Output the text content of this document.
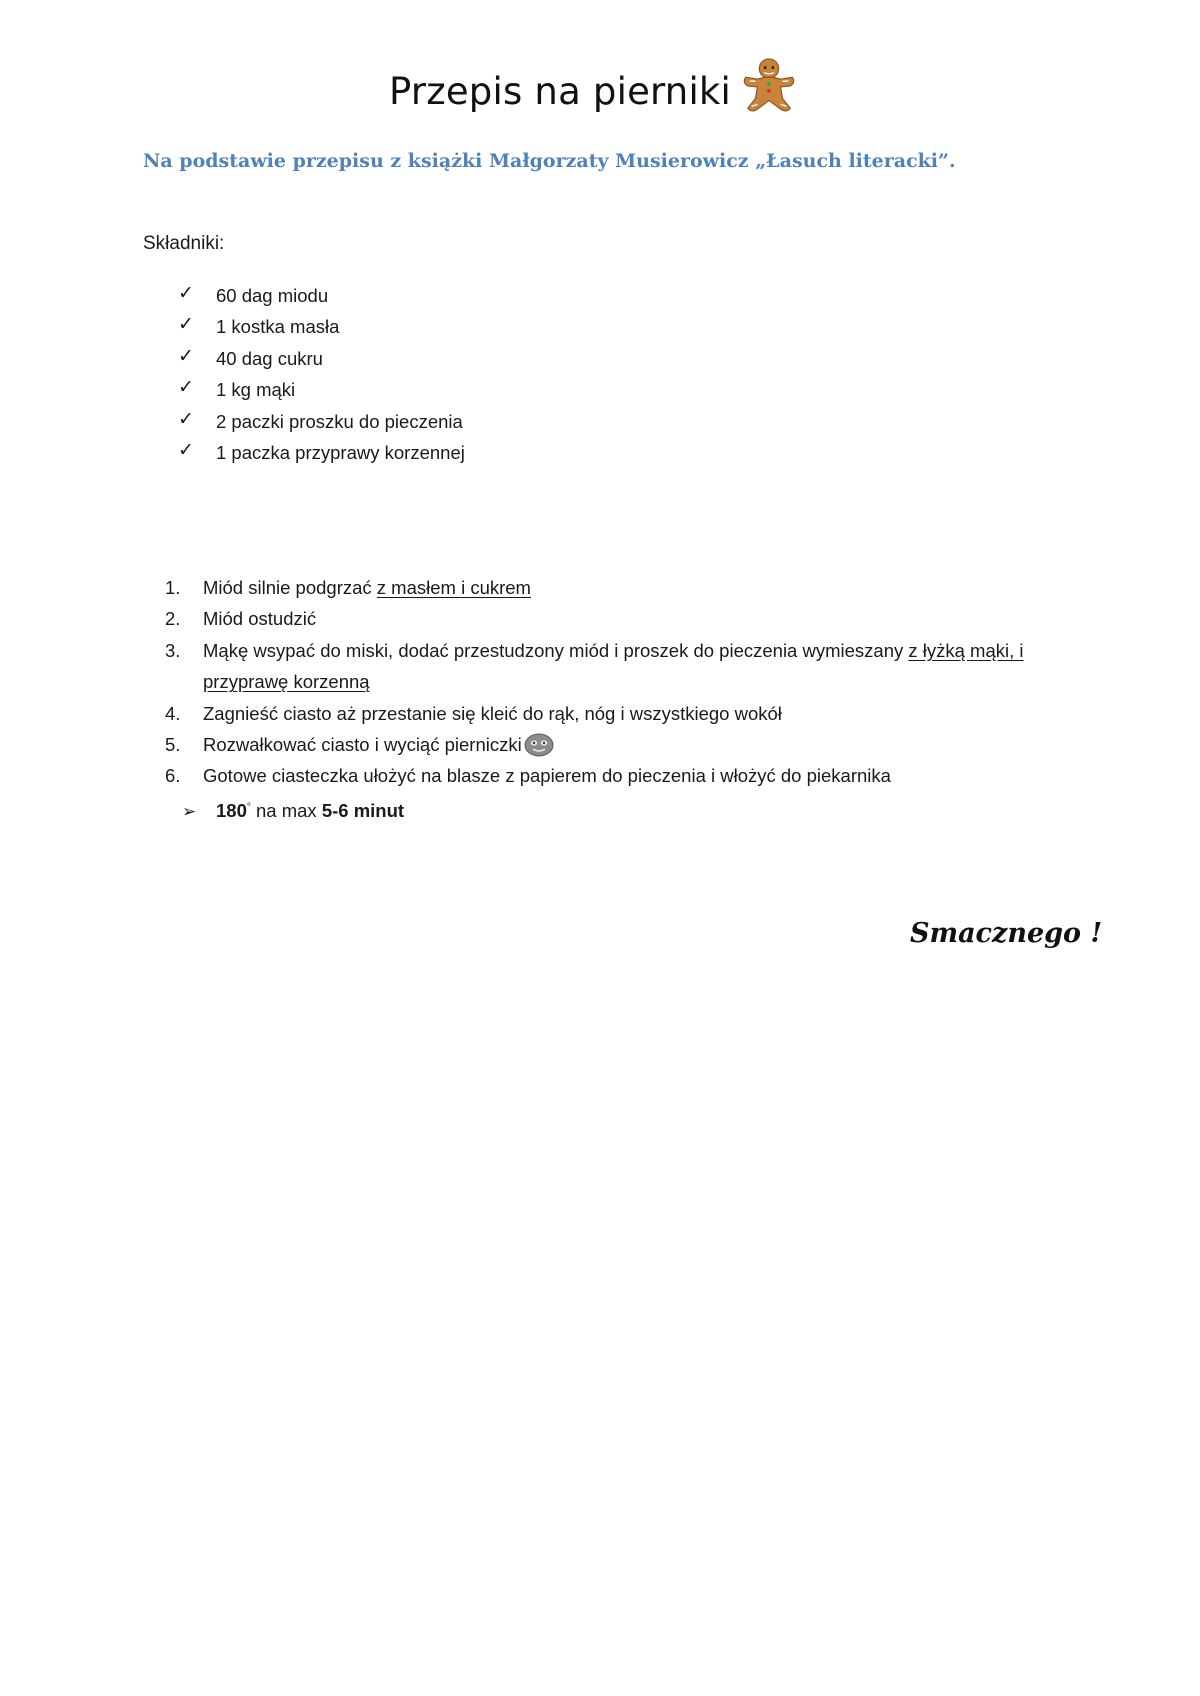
Przepis na pierniki
Na podstawie przepisu z książki Małgorzaty Musierowicz „Łasuch literacki”.
Składniki:
✓ 60 dag miodu
✓ 1 kostka masła
✓ 40 dag cukru
✓ 1 kg mąki
✓ 2 paczki proszku do pieczenia
✓ 1 paczka przyprawy korzennej
1. Miód silnie podgrzać z masłem i cukrem
2. Miód ostudzić
3. Mąkę wsypać do miski, dodać przestudzony miód i proszek do pieczenia wymieszany z łyżką mąki, i przyprawę korzenną
4. Zagnieść ciasto aż przestanie się kleić do rąk, nóg i wszystkiego wokół
5. Rozwałkować ciasto i wyciąć pierniczki
6. Gotowe ciasteczka ułożyć na blasze z papierem do pieczenia i włożyć do piekarnika
➢ 180° na max 5-6 minut
Smacznego !
